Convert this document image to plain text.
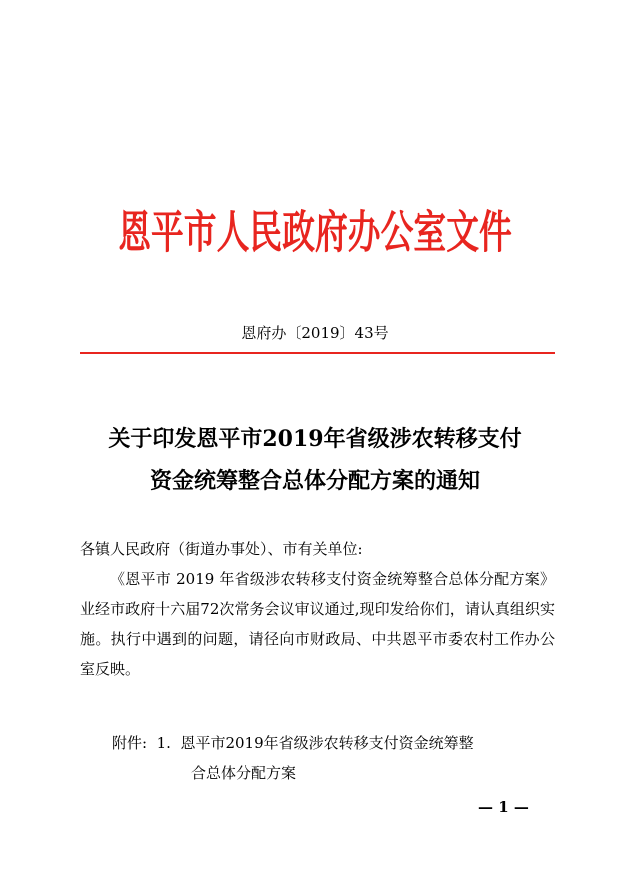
恩平市人民政府办公室文件
恩府办〔2019〕43号
关于印发恩平市2019年省级涉农转移支付
资金统筹整合总体分配方案的通知
各镇人民政府（街道办事处）、市有关单位:
《恩平市 2019 年省级涉农转移支付资金统筹整合总体分配方案》业经市政府十六届72次常务会议审议通过,现印发给你们，请认真组织实施。执行中遇到的问题，请径向市财政局、中共恩平市委农村工作办公室反映。
附件: 1. 恩平市2019年省级涉农转移支付资金统筹整
合总体分配方案
— 1 —
